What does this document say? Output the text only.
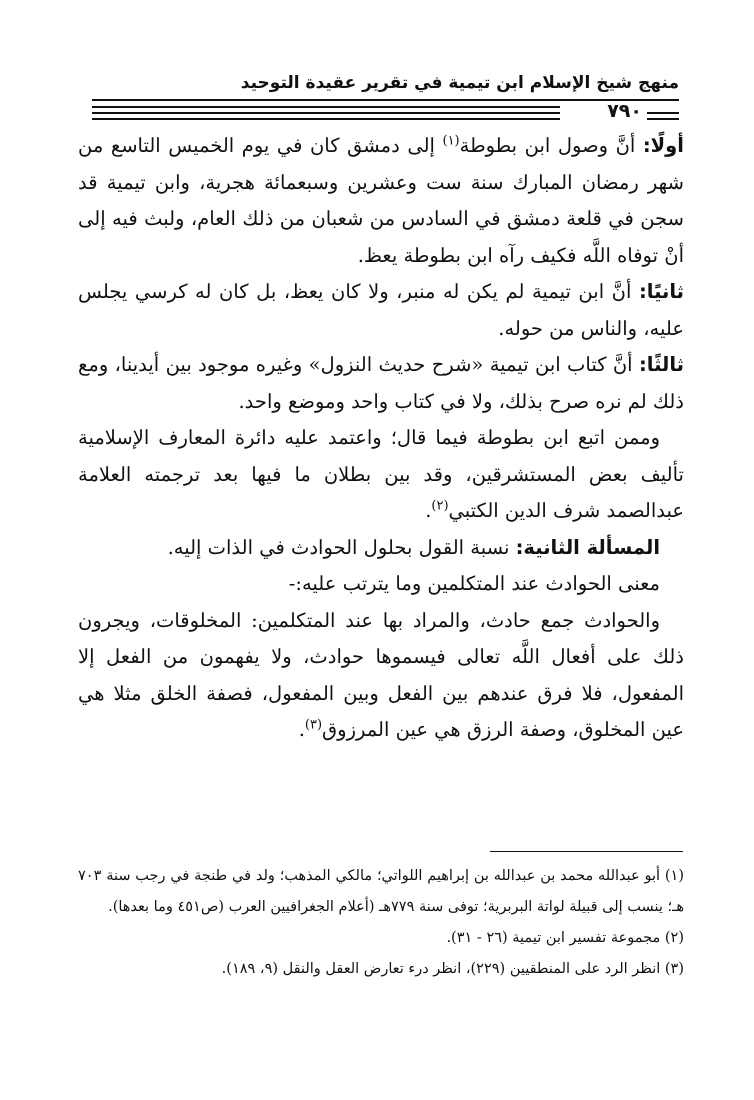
منهج شيخ الإسلام ابن تيمية في تقرير عقيدة التوحيد
٧٩٠

أولًا: أنَّ وصول ابن بطوطة$^{(١)}$ إلى دمشق كان في يوم الخميس التاسع من شهر رمضان المبارك سنة ست وعشرين وسبعمائة هجرية، وابن تيمية قد سجن في قلعة دمشق في السادس من شعبان من ذلك العام، ولبث فيه إلى أنْ توفاه اللَّه فكيف رآه ابن بطوطة يعظ.

ثانيًا: أنَّ ابن تيمية لم يكن له منبر، ولا كان يعظ، بل كان له كرسي يجلس عليه، والناس من حوله.

ثالثًا: أنَّ كتاب ابن تيمية «شرح حديث النزول» وغيره موجود بين أيدينا، ومع ذلك لم نره صرح بذلك، ولا في كتاب واحد وموضع واحد.

وممن اتبع ابن بطوطة فيما قال؛ واعتمد عليه دائرة المعارف الإسلامية تأليف بعض المستشرقين، وقد بين بطلان ما فيها بعد ترجمته العلامة عبدالصمد شرف الدين الكتبي$^{(٢)}$.

المسألة الثانية: نسبة القول بحلول الحوادث في الذات إليه.

معنى الحوادث عند المتكلمين وما يترتب عليه:-

والحوادث جمع حادث، والمراد بها عند المتكلمين: المخلوقات، ويجرون ذلك على أفعال اللَّه تعالى فيسموها حوادث، ولا يفهمون من الفعل إلا المفعول، فلا فرق عندهم بين الفعل وبين المفعول، فصفة الخلق مثلا هي عين المخلوق، وصفة الرزق هي عين المرزوق$^{(٣)}$.

(١) أبو عبدالله محمد بن عبدالله بن إبراهيم اللواتي؛ مالكي المذهب؛ ولد في طنجة في رجب سنة ٧٠٣ هـ؛ ينسب إلى قبيلة لواتة البربرية؛ توفى سنة ٧٧٩هـ (أعلام الجغرافيين العرب (ص٤٥١ وما بعدها).

(٢) مجموعة تفسير ابن تيمية (٢٦ - ٣١).

(٣) انظر الرد على المنطقيين (٢٢٩)، انظر درء تعارض العقل والنقل (٩، ١٨٩).
